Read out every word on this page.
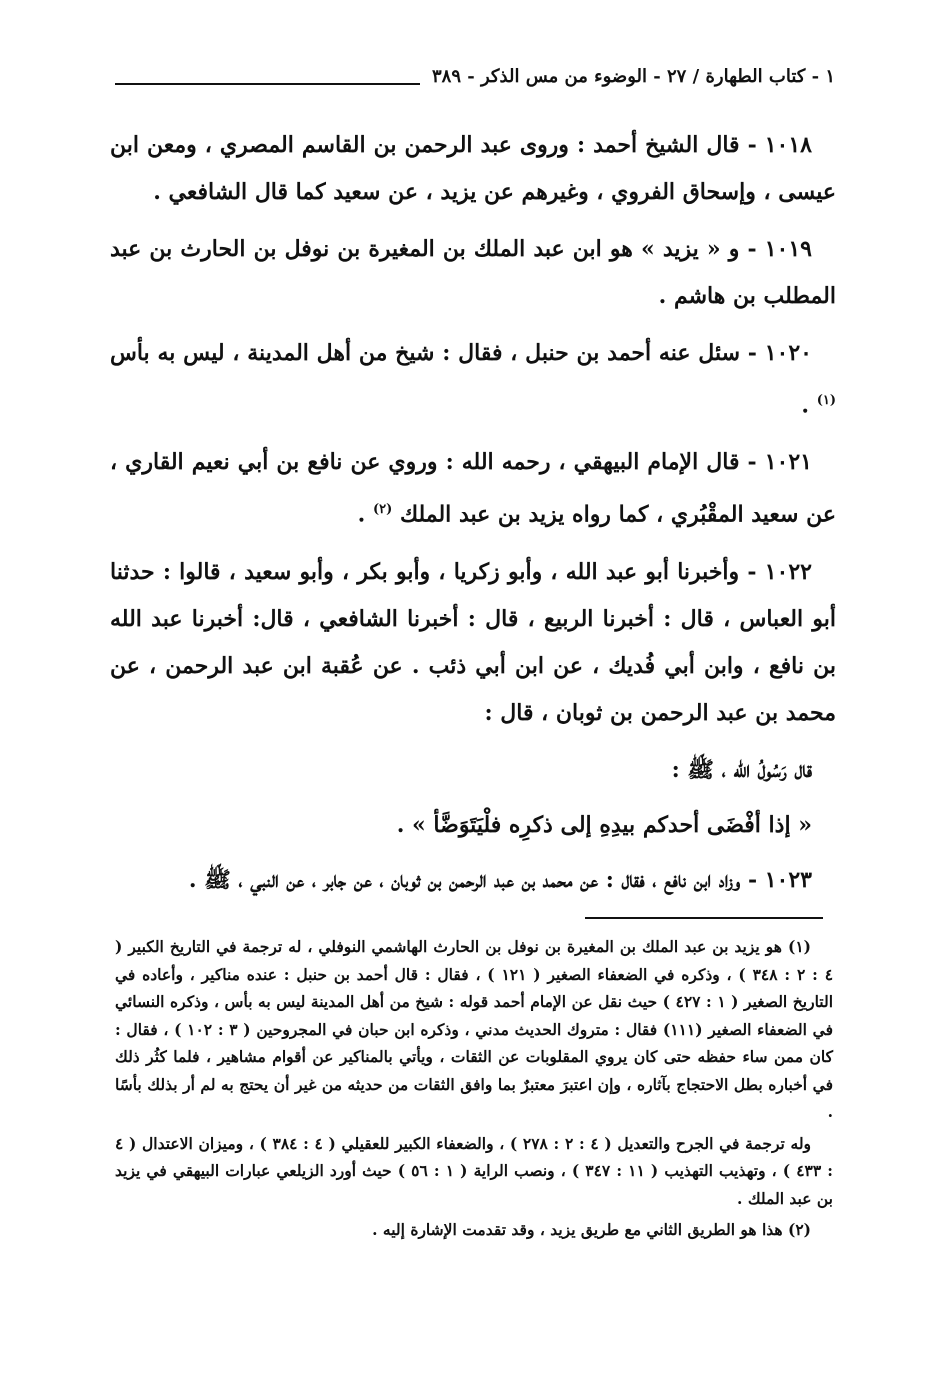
١ - كتاب الطهارة / ٢٧ - الوضوء من مس الذكر - ٣٨٩

١٠١٨ - قال الشيخ أحمد : وروى عبد الرحمن بن القاسم المصري ، ومعن ابن عيسى ، وإسحاق الفروي ، وغيرهم عن يزيد ، عن سعيد كما قال الشافعي .

١٠١٩ - و « يزيد » هو ابن عبد الملك بن المغيرة بن نوفل بن الحارث بن عبد المطلب بن هاشم .

١٠٢٠ - سئل عنه أحمد بن حنبل ، فقال : شيخ من أهل المدينة ، ليس به بأس $^{(١)}$ .

١٠٢١ - قال الإمام البيهقي ، رحمه الله : وروي عن نافع بن أبي نعيم القاري ، عن سعيد المقْبُري ، كما رواه يزيد بن عبد الملك $^{(٢)}$ .

١٠٢٢ - وأخبرنا أبو عبد الله ، وأبو زكريا ، وأبو بكر ، وأبو سعيد ، قالوا : حدثنا أبو العباس ، قال : أخبرنا الربيع ، قال : أخبرنا الشافعي ، قال: أخبرنا عبد الله بن نافع ، وابن أبي فُديك ، عن ابن أبي ذئب . عن عُقبة ابن عبد الرحمن ، عن محمد بن عبد الرحمن بن ثوبان ، قال :

قال رَسُولُ الله ، ﷺ :

« إذا أفْضَى أحدكم بيدِهِ إلى ذكرِه فلْيَتَوَضَّأ » .

١٠٢٣ - وزاد ابن نافع ، فقال : عن محمد بن عبد الرحمن بن ثوبان ، عن جابر ، عن النبي ، ﷺ .

(١) هو يزيد بن عبد الملك بن المغيرة بن نوفل بن الحارث الهاشمي النوفلي ، له ترجمة في التاريخ الكبير ( ٤ : ٢ : ٣٤٨ ) ، وذكره في الضعفاء الصغير ( ١٢١ ) ، فقال : قال أحمد بن حنبل : عنده مناكير ، وأعاده في التاريخ الصغير ( ١ : ٤٢٧ ) حيث نقل عن الإمام أحمد قوله : شيخ من أهل المدينة ليس به بأس ، وذكره النسائي في الضعفاء الصغير (١١١) فقال : متروك الحديث مدني ، وذكره ابن حبان في المجروحين ( ٣ : ١٠٢ ) ، فقال : كان ممن ساء حفظه حتى كان يروي المقلوبات عن الثقات ، ويأتي بالمناكير عن أقوام مشاهير ، فلما كثُر ذلك في أخباره بطل الاحتجاج بآثاره ، وإن اعتبرَ معتبرٌ بما وافق الثقات من حديثه من غير أن يحتج به لم أر بذلك بأسًا .

وله ترجمة في الجرح والتعديل ( ٤ : ٢ : ٢٧٨ ) ، والضعفاء الكبير للعقيلي ( ٤ : ٣٨٤ ) ، وميزان الاعتدال ( ٤ : ٤٣٣ ) ، وتهذيب التهذيب ( ١١ : ٣٤٧ ) ، ونصب الراية ( ١ : ٥٦ ) حيث أورد الزيلعي عبارات البيهقي في يزيد بن عبد الملك .

(٢) هذا هو الطريق الثاني مع طريق يزيد ، وقد تقدمت الإشارة إليه .
